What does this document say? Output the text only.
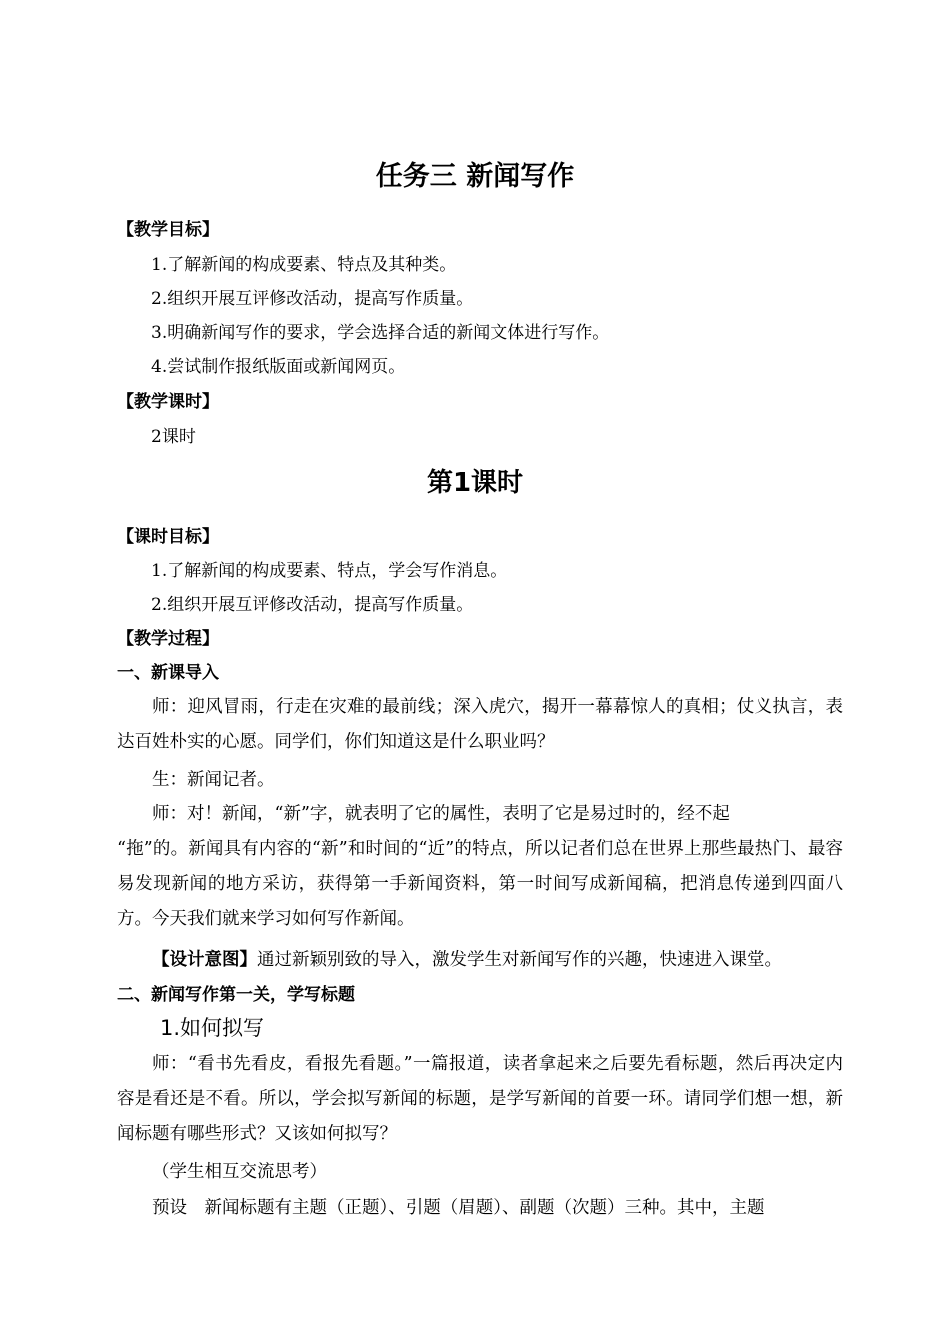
任务三 新闻写作

【教学目标】

1.了解新闻的构成要素、特点及其种类。

2.组织开展互评修改活动，提高写作质量。

3.明确新闻写作的要求，学会选择合适的新闻文体进行写作。

4.尝试制作报纸版面或新闻网页。

【教学课时】

2课时

第1课时

【课时目标】

1.了解新闻的构成要素、特点，学会写作消息。

2.组织开展互评修改活动，提高写作质量。

【教学过程】

一、新课导入

师：迎风冒雨，行走在灾难的最前线；深入虎穴，揭开一幕幕惊人的真相；仗义执言，表达百姓朴实的心愿。同学们，你们知道这是什么职业吗？

生：新闻记者。

师：对！新闻，“新”字，就表明了它的属性，表明了它是易过时的，经不起

“拖”的。新闻具有内容的“新”和时间的“近”的特点，所以记者们总在世界上那些最热门、最容易发现新闻的地方采访，获得第一手新闻资料，第一时间写成新闻稿，把消息传递到四面八方。今天我们就来学习如何写作新闻。

【设计意图】通过新颖别致的导入，激发学生对新闻写作的兴趣，快速进入课堂。

二、新闻写作第一关，学写标题

1.如何拟写

师：“看书先看皮，看报先看题。”一篇报道，读者拿起来之后要先看标题，然后再决定内容是看还是不看。所以，学会拟写新闻的标题，是学写新闻的首要一环。请同学们想一想，新闻标题有哪些形式？又该如何拟写？

（学生相互交流思考）

预设　新闻标题有主题（正题）、引题（眉题）、副题（次题）三种。其中，主题
